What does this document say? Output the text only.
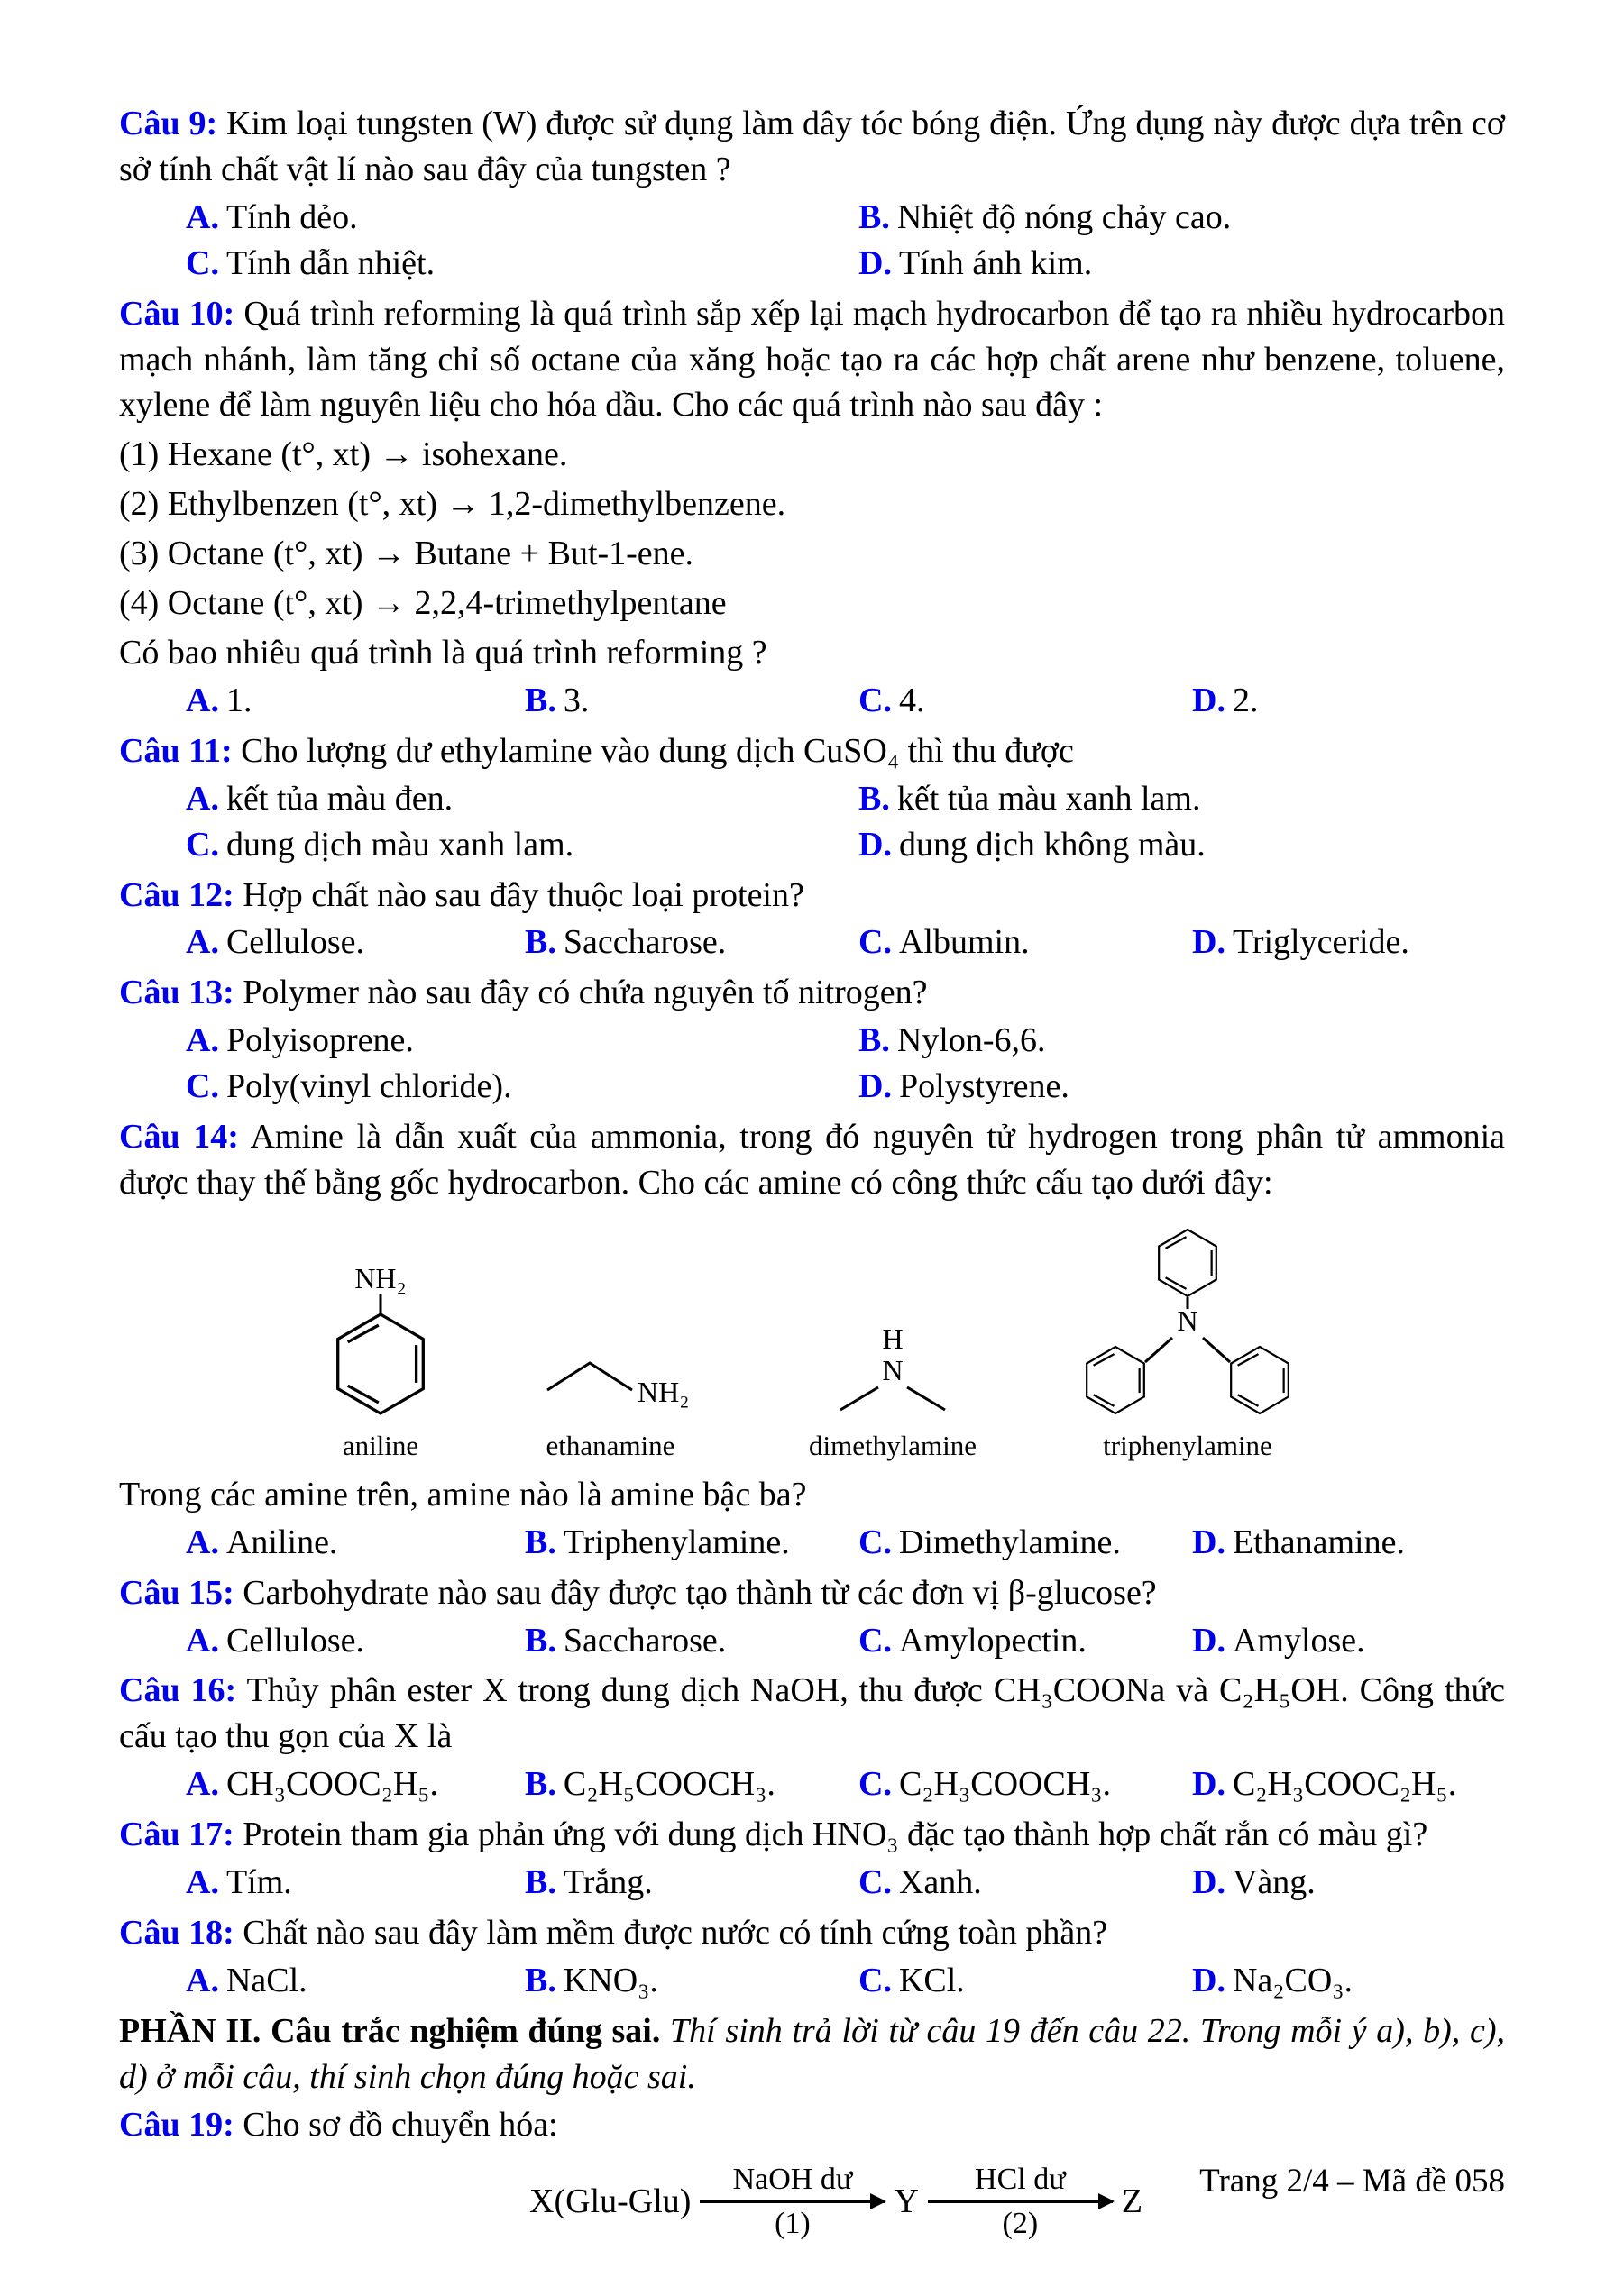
Câu 9: Kim loại tungsten (W) được sử dụng làm dây tóc bóng điện. Ứng dụng này được dựa trên cơ sở tính chất vật lí nào sau đây của tungsten ?

A. Tính dẻo.	B. Nhiệt độ nóng chảy cao.
C. Tính dẫn nhiệt.	D. Tính ánh kim.

Câu 10: Quá trình reforming là quá trình sắp xếp lại mạch hydrocarbon để tạo ra nhiều hydrocarbon mạch nhánh, làm tăng chỉ số octane của xăng hoặc tạo ra các hợp chất arene như benzene, toluene, xylene để làm nguyên liệu cho hóa dầu. Cho các quá trình nào sau đây :

(1) Hexane (t°, xt) → isohexane.

(2) Ethylbenzen (t°, xt) → 1,2-dimethylbenzene.

(3) Octane (t°, xt) → Butane + But-1-ene.

(4) Octane (t°, xt) → 2,2,4-trimethylpentane

Có bao nhiêu quá trình là quá trình reforming ?

A. 1.	B. 3.	C. 4.	D. 2.

Câu 11: Cho lượng dư ethylamine vào dung dịch CuSO₄ thì thu được

A. kết tủa màu đen.	B. kết tủa màu xanh lam.
C. dung dịch màu xanh lam.	D. dung dịch không màu.

Câu 12: Hợp chất nào sau đây thuộc loại protein?

A. Cellulose.	B. Saccharose.	C. Albumin.	D. Triglyceride.

Câu 13: Polymer nào sau đây có chứa nguyên tố nitrogen?

A. Polyisoprene.	B. Nylon-6,6.
C. Poly(vinyl chloride).	D. Polystyrene.

Câu 14: Amine là dẫn xuất của ammonia, trong đó nguyên tử hydrogen trong phân tử ammonia được thay thế bằng gốc hydrocarbon. Cho các amine có công thức cấu tạo dưới đây:

NH₂
aniline
NH₂
ethanamine
H
N
dimethylamine
N
triphenylamine

Trong các amine trên, amine nào là amine bậc ba?

A. Aniline.	B. Triphenylamine.	C. Dimethylamine.	D. Ethanamine.

Câu 15: Carbohydrate nào sau đây được tạo thành từ các đơn vị β-glucose?

A. Cellulose.	B. Saccharose.	C. Amylopectin.	D. Amylose.

Câu 16: Thủy phân ester X trong dung dịch NaOH, thu được CH₃COONa và C₂H₅OH. Công thức cấu tạo thu gọn của X là

A. CH₃COOC₂H₅.	B. C₂H₅COOCH₃.	C. C₂H₃COOCH₃.	D. C₂H₃COOC₂H₅.

Câu 17: Protein tham gia phản ứng với dung dịch HNO₃ đặc tạo thành hợp chất rắn có màu gì?

A. Tím.	B. Trắng.	C. Xanh.	D. Vàng.

Câu 18: Chất nào sau đây làm mềm được nước có tính cứng toàn phần?

A. NaCl.	B. KNO₃.	C. KCl.	D. Na₂CO₃.

PHẦN II. Câu trắc nghiệm đúng sai. Thí sinh trả lời từ câu 19 đến câu 22. Trong mỗi ý a), b), c), d) ở mỗi câu, thí sinh chọn đúng hoặc sai.

Câu 19: Cho sơ đồ chuyển hóa:

X(Glu-Glu)
NaOH dư
(1)
Y
HCl dư
(2)
Z

Trang 2/4 – Mã đề 058
